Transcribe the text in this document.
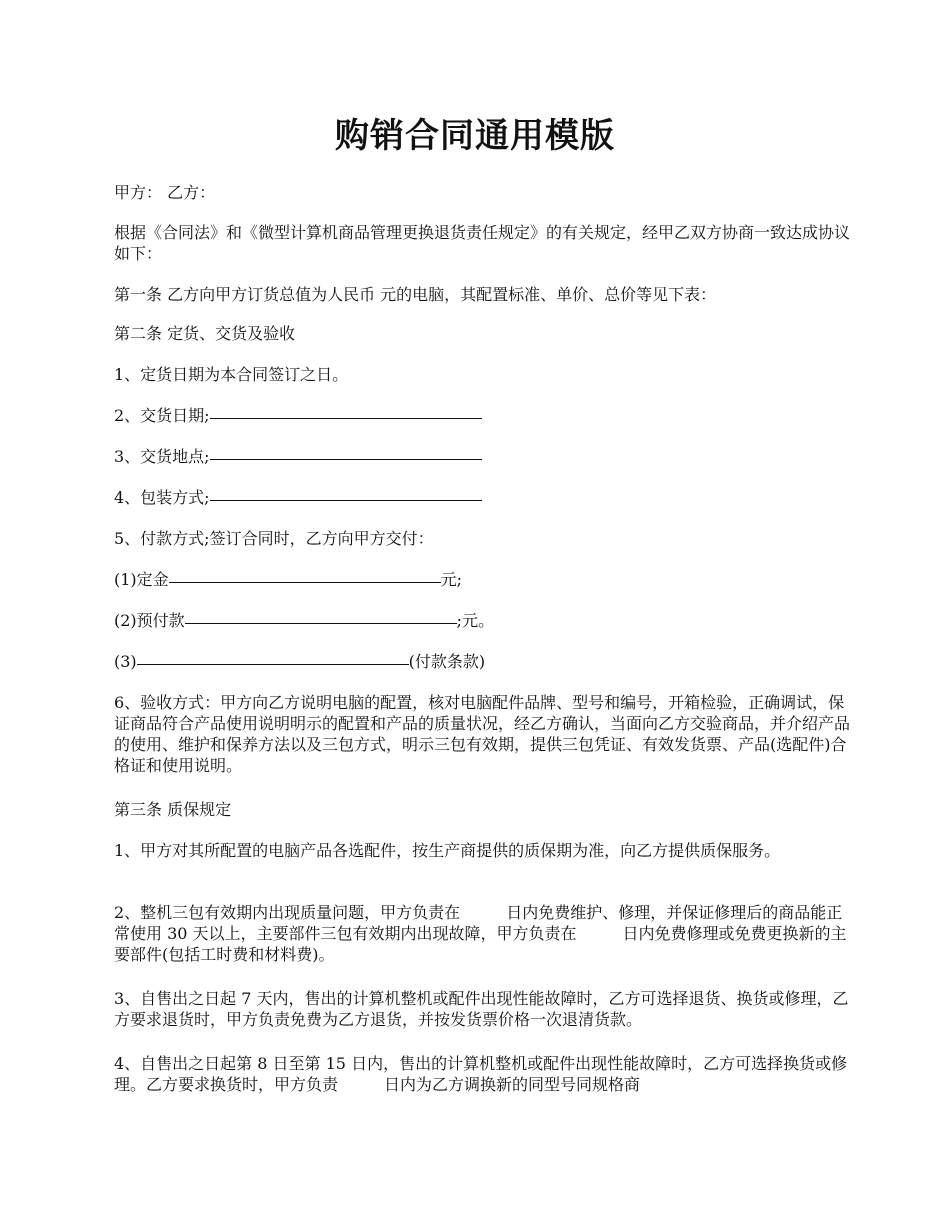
购销合同通用模版

甲方： 乙方：

根据《合同法》和《微型计算机商品管理更换退货责任规定》的有关规定，经甲乙双方协商一致达成协议如下：

第一条 乙方向甲方订货总值为人民币 元的电脑，其配置标准、单价、总价等见下表：

第二条 定货、交货及验收

1、定货日期为本合同签订之日。

2、交货日期;

3、交货地点;

4、包装方式;

5、付款方式;签订合同时，乙方向甲方交付：

(1)定金	元;

(2)预付款	;元。

(3)	(付款条款)

6、验收方式：甲方向乙方说明电脑的配置，核对电脑配件品牌、型号和编号，开箱检验，正确调试，保证商品符合产品使用说明明示的配置和产品的质量状况，经乙方确认，当面向乙方交验商品，并介绍产品的使用、维护和保养方法以及三包方式，明示三包有效期，提供三包凭证、有效发货票、产品(选配件)合格证和使用说明。

第三条 质保规定

1、甲方对其所配置的电脑产品各选配件，按生产商提供的质保期为准，向乙方提供质保服务。

2、整机三包有效期内出现质量问题，甲方负责在	日内免费维护、修理，并保证修理后的商品能正常使用 30 天以上，主要部件三包有效期内出现故障，甲方负责在	日内免费修理或免费更换新的主要部件(包括工时费和材料费)。

3、自售出之日起 7 天内，售出的计算机整机或配件出现性能故障时，乙方可选择退货、换货或修理，乙方要求退货时，甲方负责免费为乙方退货，并按发货票价格一次退清货款。

4、自售出之日起第 8 日至第 15 日内，售出的计算机整机或配件出现性能故障时，乙方可选择换货或修理。乙方要求换货时，甲方负责	日内为乙方调换新的同型号同规格商
